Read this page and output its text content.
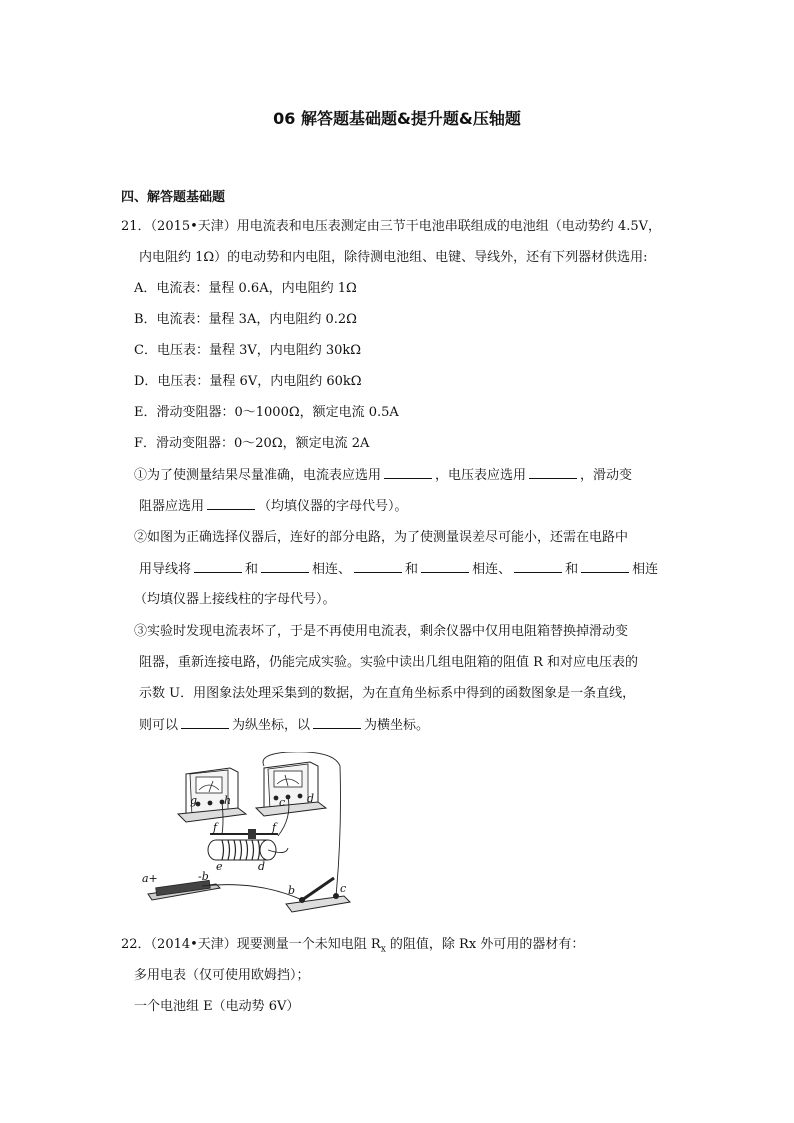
06 解答题基础题&提升题&压轴题
四、解答题基础题
21．（2015•天津）用电流表和电压表测定由三节干电池串联组成的电池组（电动势约 4.5V，
内电阻约 1Ω）的电动势和内电阻，除待测电池组、电键、导线外，还有下列器材供选用:
A．电流表：量程 0.6A，内电阻约 1Ω
B．电流表：量程 3A，内电阻约 0.2Ω
C．电压表：量程 3V，内电阻约 30kΩ
D．电压表：量程 6V，内电阻约 60kΩ
E．滑动变阻器：0～1000Ω，额定电流 0.5A
F．滑动变阻器：0～20Ω，额定电流 2A
①为了使测量结果尽量准确，电流表应选用	，电压表应选用	，滑动变
阻器应选用	（均填仪器的字母代号）。
②如图为正确选择仪器后，连好的部分电路，为了使测量误差尽可能小，还需在电路中
用导线将	和	相连、	和	相连、	和	相连
（均填仪器上接线柱的字母代号）。
③实验时发现电流表坏了，于是不再使用电流表，剩余仪器中仅用电阻箱替换掉滑动变
阻器，重新连接电路，仍能完成实验。实验中读出几组电阻箱的阻值 R 和对应电压表的
示数 U．用图象法处理采集到的数据，为在直角坐标系中得到的函数图象是一条直线，
则可以	为纵坐标，以	为横坐标。
g h	c d
f	f
e	d
a+	-b
b	c
22．（2014•天津）现要测量一个未知电阻 $R_x$ 的阻值，除 Rx 外可用的器材有：
多用电表（仅可使用欧姆挡）；
一个电池组 E（电动势 6V）
